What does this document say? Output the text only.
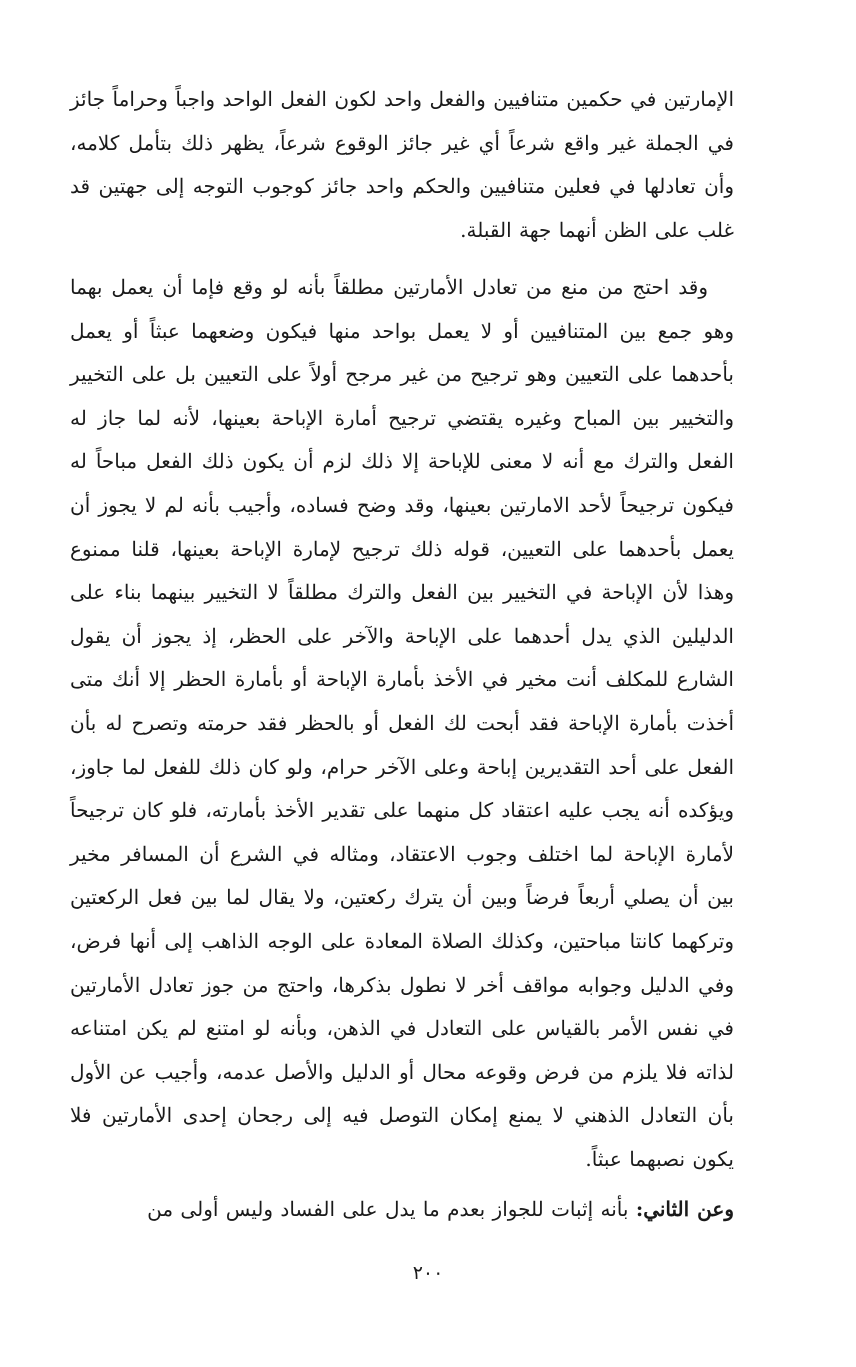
الإمارتين في حكمين متنافيين والفعل واحد لكون الفعل الواحد واجباً وحراماً جائز في الجملة غير واقع شرعاً أي غير جائز الوقوع شرعاً، يظهر ذلك بتأمل كلامه، وأن تعادلها في فعلين متنافيين والحكم واحد جائز كوجوب التوجه إلى جهتين قد غلب على الظن أنهما جهة القبلة.

وقد احتج من منع من تعادل الأمارتين مطلقاً بأنه لو وقع فإما أن يعمل بهما وهو جمع بين المتنافيين أو لا يعمل بواحد منها فيكون وضعهما عبثاً أو يعمل بأحدهما على التعيين وهو ترجيح من غير مرجح أولاً على التعيين بل على التخيير والتخيير بين المباح وغيره يقتضي ترجيح أمارة الإباحة بعينها، لأنه لما جاز له الفعل والترك مع أنه لا معنى للإباحة إلا ذلك لزم أن يكون ذلك الفعل مباحاً له فيكون ترجيحاً لأحد الامارتين بعينها، وقد وضح فساده، وأجيب بأنه لم لا يجوز أن يعمل بأحدهما على التعيين، قوله ذلك ترجيح لإمارة الإباحة بعينها، قلنا ممنوع وهذا لأن الإباحة في التخيير بين الفعل والترك مطلقاً لا التخيير بينهما بناء على الدليلين الذي يدل أحدهما على الإباحة والآخر على الحظر، إذ يجوز أن يقول الشارع للمكلف أنت مخير في الأخذ بأمارة الإباحة أو بأمارة الحظر إلا أنك متى أخذت بأمارة الإباحة فقد أبحت لك الفعل أو بالحظر فقد حرمته وتصرح له بأن الفعل على أحد التقديرين إباحة وعلى الآخر حرام، ولو كان ذلك للفعل لما جاوز، ويؤكده أنه يجب عليه اعتقاد كل منهما على تقدير الأخذ بأمارته، فلو كان ترجيحاً لأمارة الإباحة لما اختلف وجوب الاعتقاد، ومثاله في الشرع أن المسافر مخير بين أن يصلي أربعاً فرضاً وبين أن يترك ركعتين، ولا يقال لما بين فعل الركعتين وتركهما كانتا مباحتين، وكذلك الصلاة المعادة على الوجه الذاهب إلى أنها فرض، وفي الدليل وجوابه مواقف أخر لا نطول بذكرها، واحتج من جوز تعادل الأمارتين في نفس الأمر بالقياس على التعادل في الذهن، وبأنه لو امتنع لم يكن امتناعه لذاته فلا يلزم من فرض وقوعه محال أو الدليل والأصل عدمه، وأجيب عن الأول بأن التعادل الذهني لا يمنع إمكان التوصل فيه إلى رجحان إحدى الأمارتين فلا يكون نصبهما عبثاً.

وعن الثاني: بأنه إثبات للجواز بعدم ما يدل على الفساد وليس أولى من

٢٠٠
